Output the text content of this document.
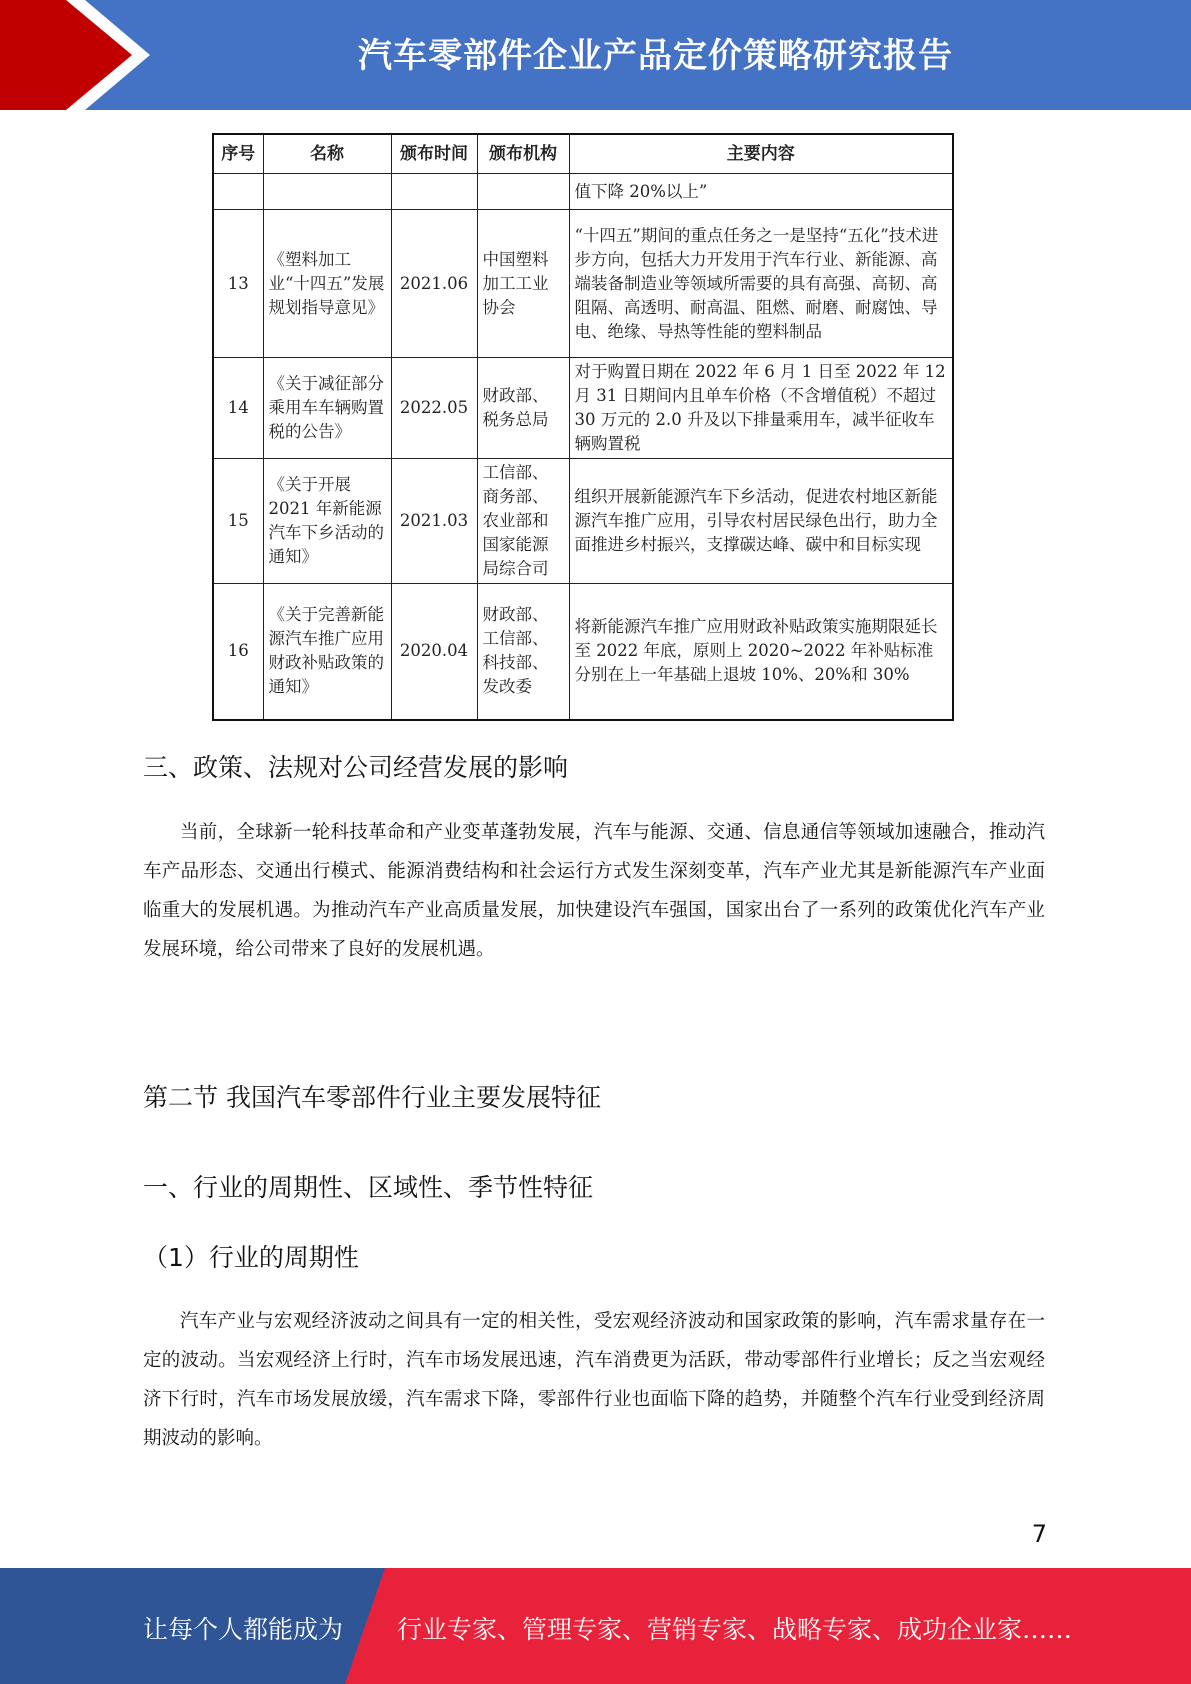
汽车零部件企业产品定价策略研究报告
序号	名称	颁布时间	颁布机构	主要内容
				值下降 20%以上”
13	《塑料加工业“十四五”发展规划指导意见》	2021.06	中国塑料加工工业协会	“十四五”期间的重点任务之一是坚持“五化”技术进步方向，包括大力开发用于汽车行业、新能源、高端装备制造业等领域所需要的具有高强、高韧、高阻隔、高透明、耐高温、阻燃、耐磨、耐腐蚀、导电、绝缘、导热等性能的塑料制品
14	《关于减征部分乘用车车辆购置税的公告》	2022.05	财政部、税务总局	对于购置日期在 2022 年 6 月 1 日至 2022 年 12 月 31 日期间内且单车价格（不含增值税）不超过 30 万元的 2.0 升及以下排量乘用车，减半征收车辆购置税
15	《关于开展 2021 年新能源汽车下乡活动的通知》	2021.03	工信部、商务部、农业部和国家能源局综合司	组织开展新能源汽车下乡活动，促进农村地区新能源汽车推广应用，引导农村居民绿色出行，助力全面推进乡村振兴，支撑碳达峰、碳中和目标实现
16	《关于完善新能源汽车推广应用财政补贴政策的通知》	2020.04	财政部、工信部、科技部、发改委	将新能源汽车推广应用财政补贴政策实施期限延长至 2022 年底，原则上 2020~2022 年补贴标准分别在上一年基础上退坡 10%、20%和 30%
三、政策、法规对公司经营发展的影响
当前，全球新一轮科技革命和产业变革蓬勃发展，汽车与能源、交通、信息通信等领域加速融合，推动汽车产品形态、交通出行模式、能源消费结构和社会运行方式发生深刻变革，汽车产业尤其是新能源汽车产业面临重大的发展机遇。为推动汽车产业高质量发展，加快建设汽车强国，国家出台了一系列的政策优化汽车产业发展环境，给公司带来了良好的发展机遇。
第二节 我国汽车零部件行业主要发展特征
一、行业的周期性、区域性、季节性特征
（1）行业的周期性
汽车产业与宏观经济波动之间具有一定的相关性，受宏观经济波动和国家政策的影响，汽车需求量存在一定的波动。当宏观经济上行时，汽车市场发展迅速，汽车消费更为活跃，带动零部件行业增长；反之当宏观经济下行时，汽车市场发展放缓，汽车需求下降，零部件行业也面临下降的趋势，并随整个汽车行业受到经济周期波动的影响。
7
让每个人都能成为 行业专家、管理专家、营销专家、战略专家、成功企业家……
